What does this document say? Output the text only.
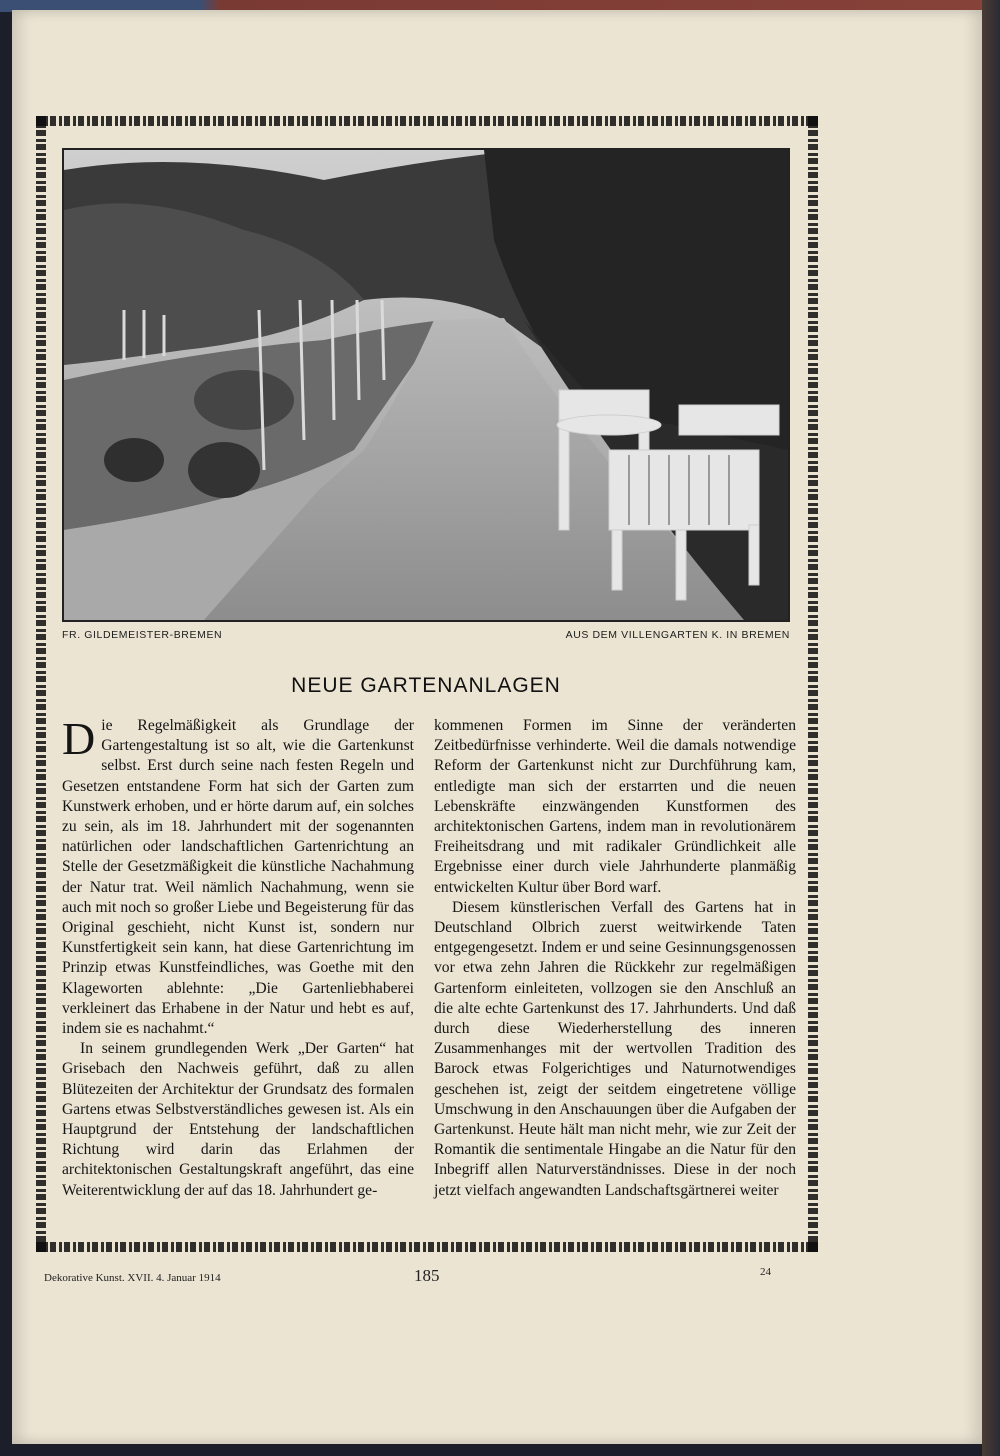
FR. GILDEMEISTER-BREMEN	AUS DEM VILLENGARTEN K. IN BREMEN
NEUE GARTENANLAGEN

Die Regelmäßigkeit als Grundlage der Gartengestaltung ist so alt, wie die Gartenkunst selbst. Erst durch seine nach festen Regeln und Gesetzen entstandene Form hat sich der Garten zum Kunstwerk erhoben, und er hörte darum auf, ein solches zu sein, als im 18. Jahrhundert mit der sogenannten natürlichen oder landschaftlichen Gartenrichtung an Stelle der Gesetzmäßigkeit die künstliche Nachahmung der Natur trat. Weil nämlich Nachahmung, wenn sie auch mit noch so großer Liebe und Begeisterung für das Original geschieht, nicht Kunst ist, sondern nur Kunstfertigkeit sein kann, hat diese Gartenrichtung im Prinzip etwas Kunstfeindliches, was Goethe mit den Klageworten ablehnte: „Die Gartenliebhaberei verkleinert das Erhabene in der Natur und hebt es auf, indem sie es nachahmt.“

In seinem grundlegenden Werk „Der Garten“ hat Grisebach den Nachweis geführt, daß zu allen Blütezeiten der Architektur der Grundsatz des formalen Gartens etwas Selbstverständliches gewesen ist. Als ein Hauptgrund der Entstehung der landschaftlichen Richtung wird darin das Erlahmen der architektonischen Gestaltungskraft angeführt, das eine Weiterentwicklung der auf das 18. Jahrhundert ge-

kommenen Formen im Sinne der veränderten Zeitbedürfnisse verhinderte. Weil die damals notwendige Reform der Gartenkunst nicht zur Durchführung kam, entledigte man sich der erstarrten und die neuen Lebenskräfte einzwängenden Kunstformen des architektonischen Gartens, indem man in revolutionärem Freiheitsdrang und mit radikaler Gründlichkeit alle Ergebnisse einer durch viele Jahrhunderte planmäßig entwickelten Kultur über Bord warf.

Diesem künstlerischen Verfall des Gartens hat in Deutschland Olbrich zuerst weitwirkende Taten entgegengesetzt. Indem er und seine Gesinnungsgenossen vor etwa zehn Jahren die Rückkehr zur regelmäßigen Gartenform einleiteten, vollzogen sie den Anschluß an die alte echte Gartenkunst des 17. Jahrhunderts. Und daß durch diese Wiederherstellung des inneren Zusammenhanges mit der wertvollen Tradition des Barock etwas Folgerichtiges und Naturnotwendiges geschehen ist, zeigt der seitdem eingetretene völlige Umschwung in den Anschauungen über die Aufgaben der Gartenkunst. Heute hält man nicht mehr, wie zur Zeit der Romantik die sentimentale Hingabe an die Natur für den Inbegriff allen Naturverständnisses. Diese in der noch jetzt vielfach angewandten Landschaftsgärtnerei weiter

Dekorative Kunst. XVII. 4. Januar 1914	185	24
